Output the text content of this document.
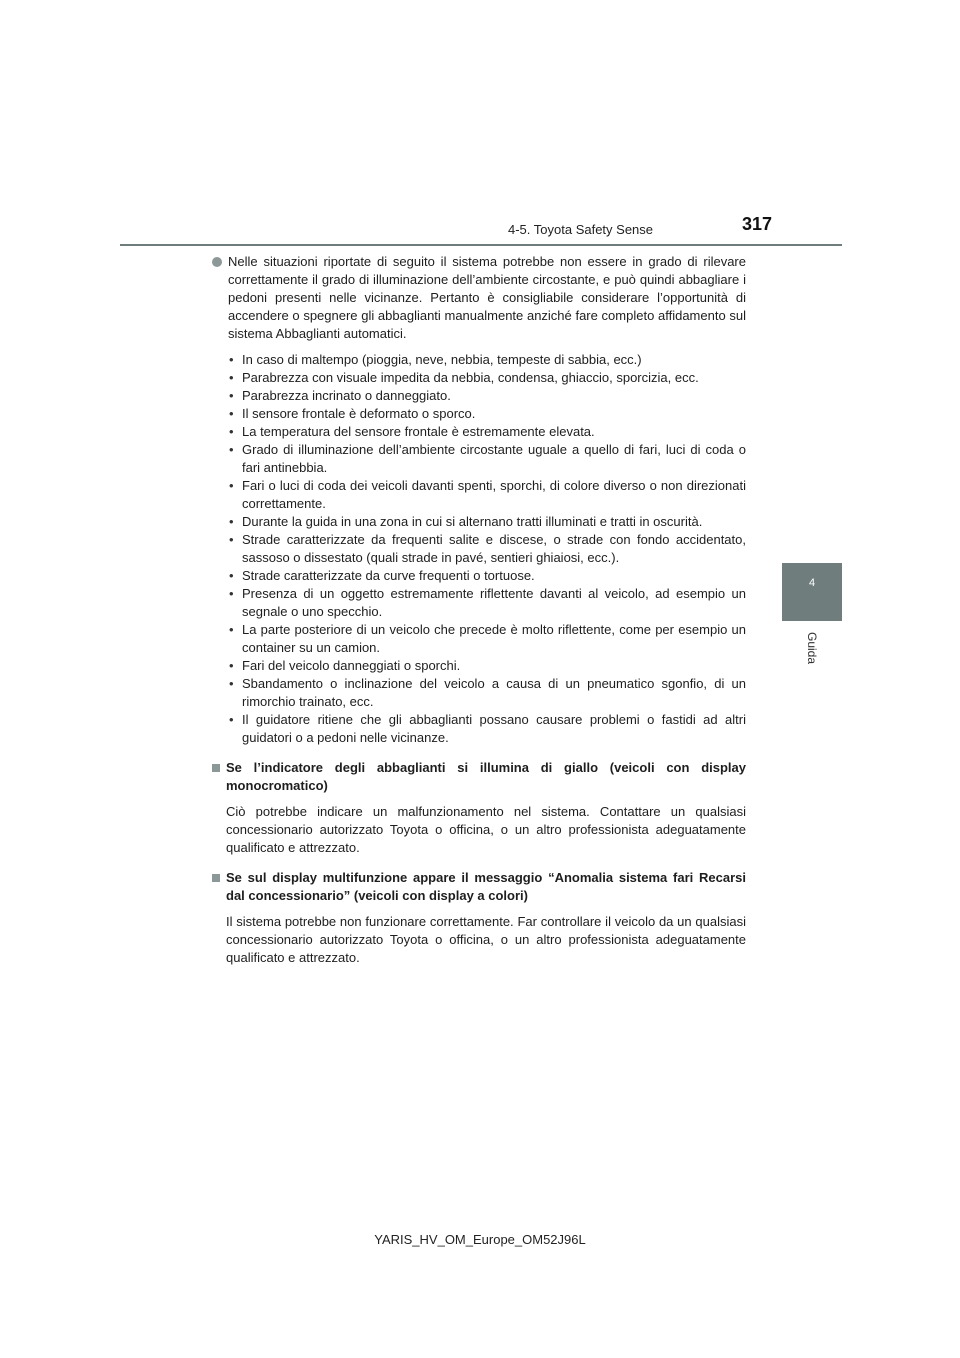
4-5. Toyota Safety Sense	317
4
Guida
Nelle situazioni riportate di seguito il sistema potrebbe non essere in grado di rilevare correttamente il grado di illuminazione dell’ambiente circostante, e può quindi abbagliare i pedoni presenti nelle vicinanze. Pertanto è consigliabile considerare l’opportunità di accendere o spegnere gli abbaglianti manualmente anziché fare completo affidamento sul sistema Abbaglianti automatici.
• In caso di maltempo (pioggia, neve, nebbia, tempeste di sabbia, ecc.)
• Parabrezza con visuale impedita da nebbia, condensa, ghiaccio, sporcizia, ecc.
• Parabrezza incrinato o danneggiato.
• Il sensore frontale è deformato o sporco.
• La temperatura del sensore frontale è estremamente elevata.
• Grado di illuminazione dell’ambiente circostante uguale a quello di fari, luci di coda o fari antinebbia.
• Fari o luci di coda dei veicoli davanti spenti, sporchi, di colore diverso o non direzionati correttamente.
• Durante la guida in una zona in cui si alternano tratti illuminati e tratti in oscurità.
• Strade caratterizzate da frequenti salite e discese, o strade con fondo accidentato, sassoso o dissestato (quali strade in pavé, sentieri ghiaiosi, ecc.).
• Strade caratterizzate da curve frequenti o tortuose.
• Presenza di un oggetto estremamente riflettente davanti al veicolo, ad esempio un segnale o uno specchio.
• La parte posteriore di un veicolo che precede è molto riflettente, come per esempio un container su un camion.
• Fari del veicolo danneggiati o sporchi.
• Sbandamento o inclinazione del veicolo a causa di un pneumatico sgonfio, di un rimorchio trainato, ecc.
• Il guidatore ritiene che gli abbaglianti possano causare problemi o fastidi ad altri guidatori o a pedoni nelle vicinanze.
Se l’indicatore degli abbaglianti si illumina di giallo (veicoli con display monocromatico)
Ciò potrebbe indicare un malfunzionamento nel sistema. Contattare un qualsiasi concessionario autorizzato Toyota o officina, o un altro professionista adeguatamente qualificato e attrezzato.
Se sul display multifunzione appare il messaggio “Anomalia sistema fari Recarsi dal concessionario” (veicoli con display a colori)
Il sistema potrebbe non funzionare correttamente. Far controllare il veicolo da un qualsiasi concessionario autorizzato Toyota o officina, o un altro professionista adeguatamente qualificato e attrezzato.
YARIS_HV_OM_Europe_OM52J96L
